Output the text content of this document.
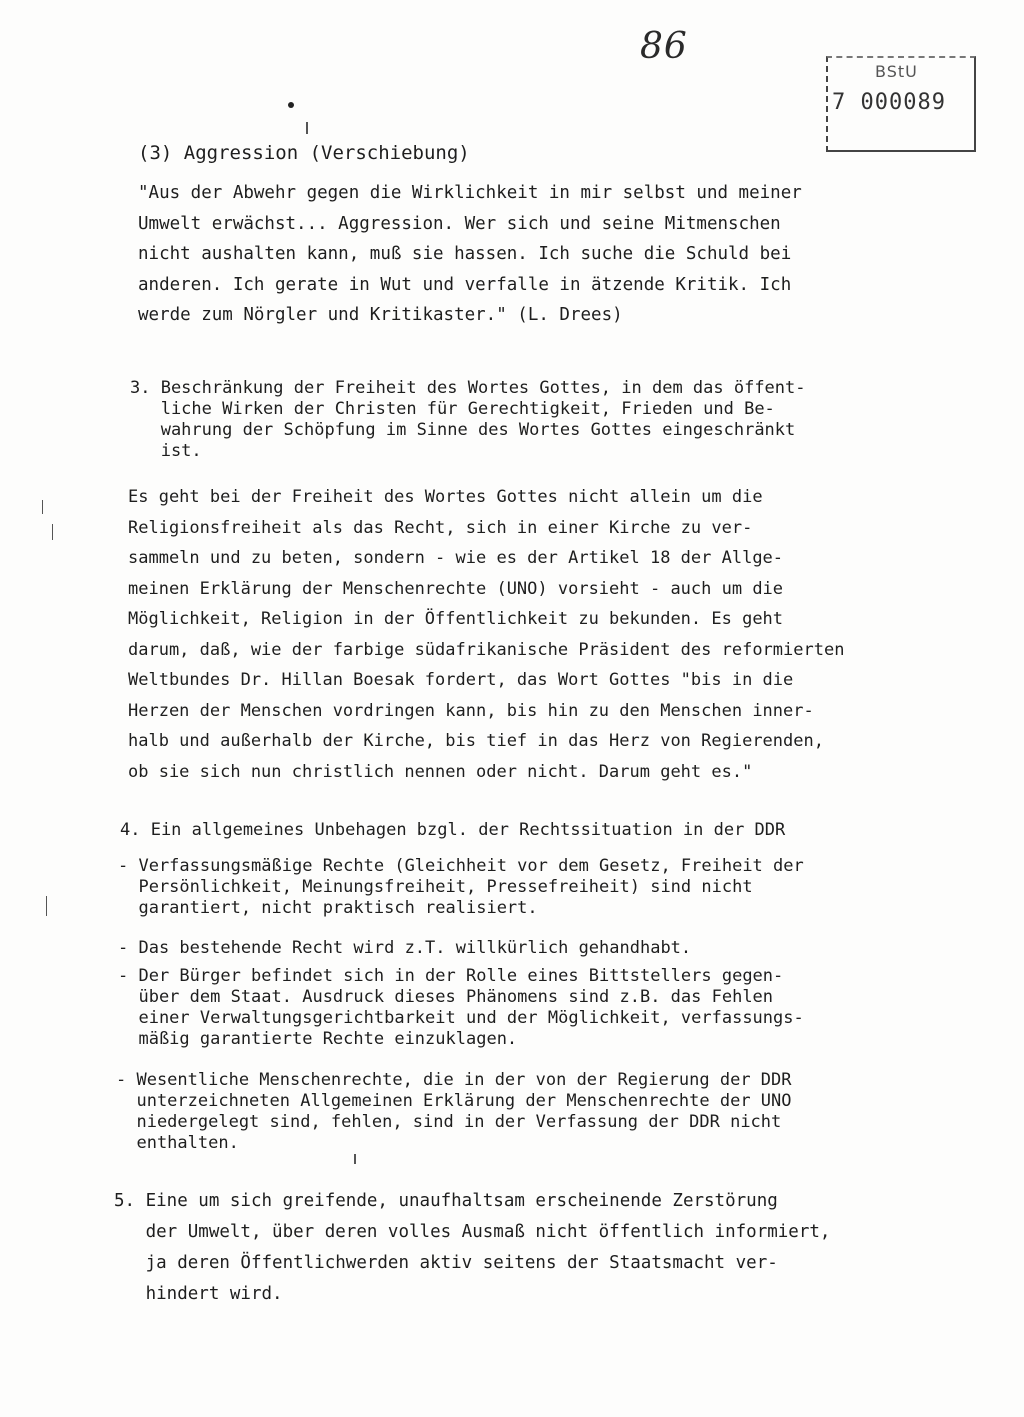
86
BStU
7 000089

(3) Aggression (Verschiebung)

"Aus der Abwehr gegen die Wirklichkeit in mir selbst und meiner
Umwelt erwächst... Aggression. Wer sich und seine Mitmenschen
nicht aushalten kann, muß sie hassen. Ich suche die Schuld bei
anderen. Ich gerate in Wut und verfalle in ätzende Kritik. Ich
werde zum Nörgler und Kritikaster." (L. Drees)

3. Beschränkung der Freiheit des Wortes Gottes, in dem das öffent-
liche Wirken der Christen für Gerechtigkeit, Frieden und Be-
wahrung der Schöpfung im Sinne des Wortes Gottes eingeschränkt
ist.

Es geht bei der Freiheit des Wortes Gottes nicht allein um die
Religionsfreiheit als das Recht, sich in einer Kirche zu ver-
sammeln und zu beten, sondern - wie es der Artikel 18 der Allge-
meinen Erklärung der Menschenrechte (UNO) vorsieht - auch um die
Möglichkeit, Religion in der Öffentlichkeit zu bekunden. Es geht
darum, daß, wie der farbige südafrikanische Präsident des reformierten
Weltbundes Dr. Hillan Boesak fordert, das Wort Gottes "bis in die
Herzen der Menschen vordringen kann, bis hin zu den Menschen inner-
halb und außerhalb der Kirche, bis tief in das Herz von Regierenden,
ob sie sich nun christlich nennen oder nicht. Darum geht es."

4. Ein allgemeines Unbehagen bzgl. der Rechtssituation in der DDR

- Verfassungsmäßige Rechte (Gleichheit vor dem Gesetz, Freiheit der
Persönlichkeit, Meinungsfreiheit, Pressefreiheit) sind nicht
garantiert, nicht praktisch realisiert.

- Das bestehende Recht wird z.T. willkürlich gehandhabt.

- Der Bürger befindet sich in der Rolle eines Bittstellers gegen-
über dem Staat. Ausdruck dieses Phänomens sind z.B. das Fehlen
einer Verwaltungsgerichtbarkeit und der Möglichkeit, verfassungs-
mäßig garantierte Rechte einzuklagen.

- Wesentliche Menschenrechte, die in der von der Regierung der DDR
unterzeichneten Allgemeinen Erklärung der Menschenrechte der UNO
niedergelegt sind, fehlen, sind in der Verfassung der DDR nicht
enthalten.

5. Eine um sich greifende, unaufhaltsam erscheinende Zerstörung
der Umwelt, über deren volles Ausmaß nicht öffentlich informiert,
ja deren Öffentlichwerden aktiv seitens der Staatsmacht ver-
hindert wird.
